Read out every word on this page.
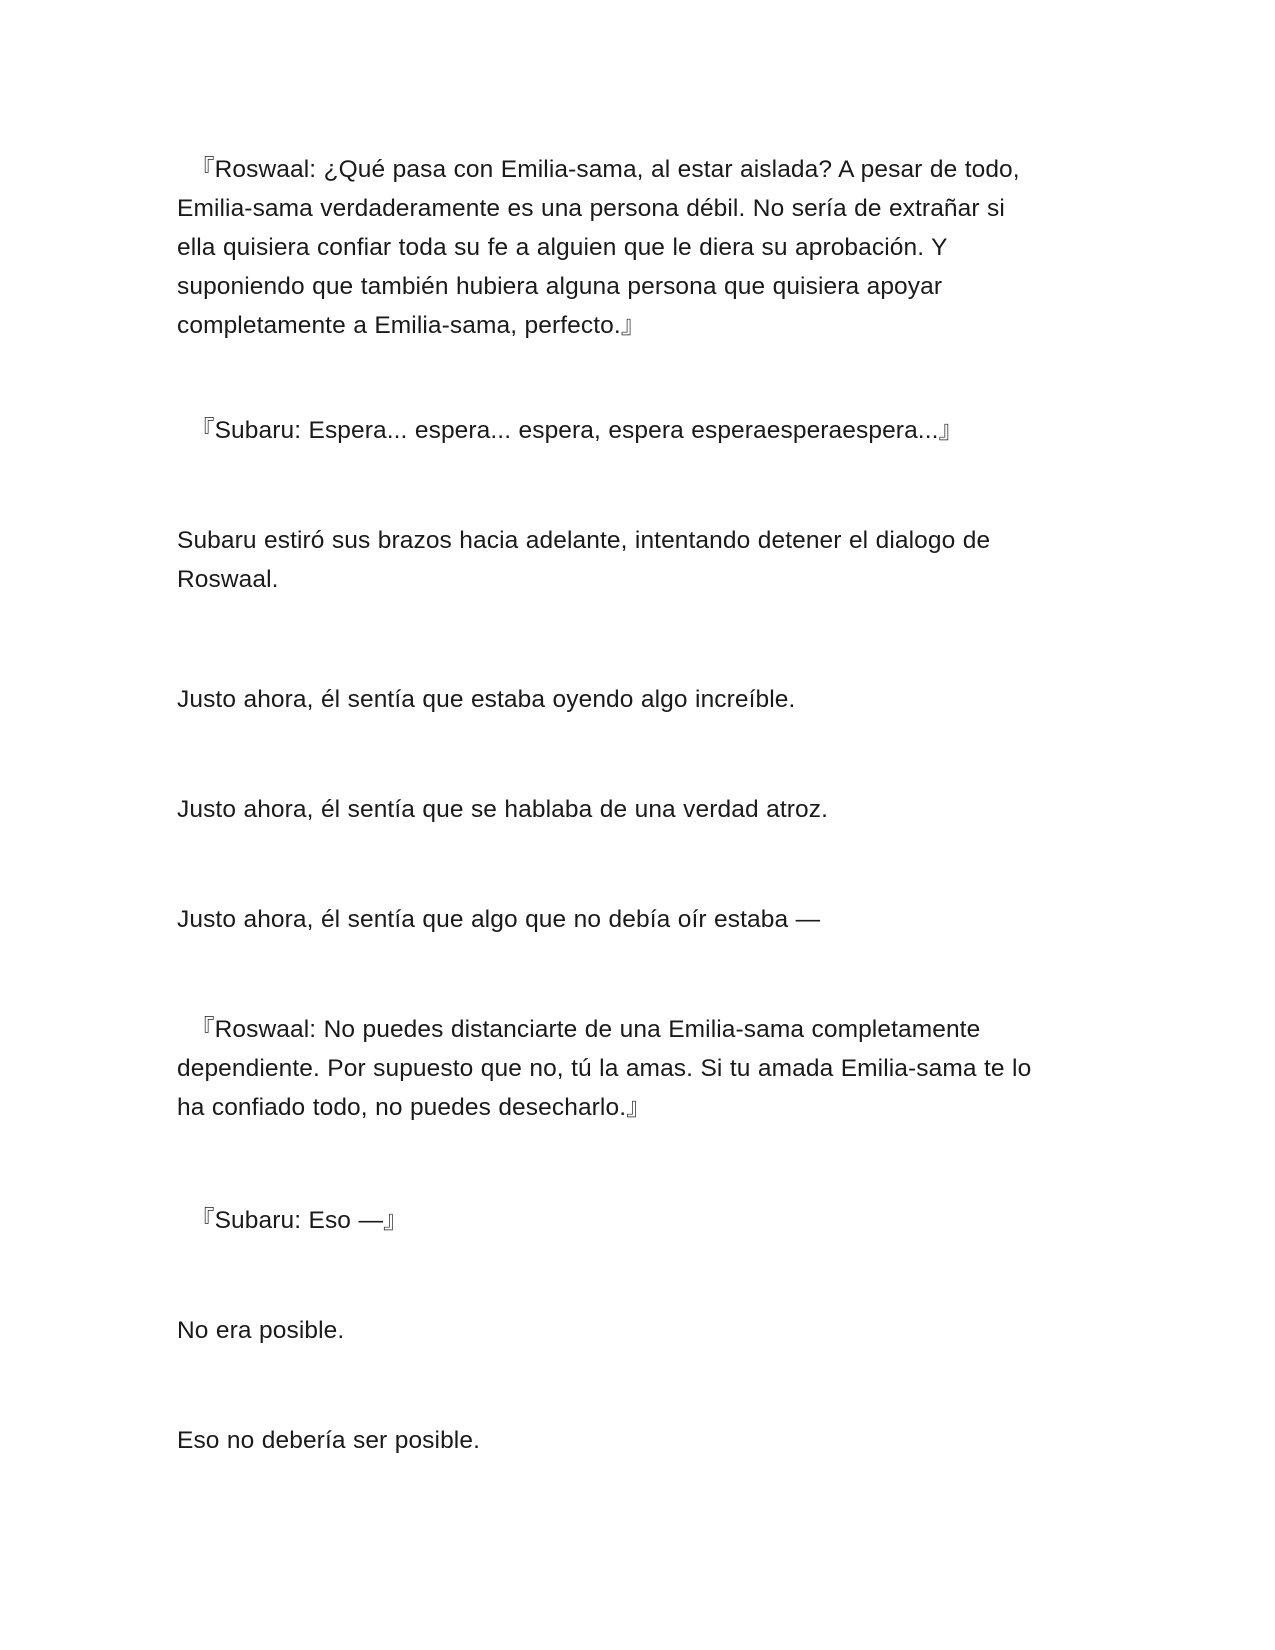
『Roswaal: ¿Qué pasa con Emilia-sama, al estar aislada? A pesar de todo,
Emilia-sama verdaderamente es una persona débil. No sería de extrañar si
ella quisiera confiar toda su fe a alguien que le diera su aprobación. Y
suponiendo que también hubiera alguna persona que quisiera apoyar
completamente a Emilia-sama, perfecto.』

『Subaru: Espera... espera... espera, espera esperaesperaespera...』

Subaru estiró sus brazos hacia adelante, intentando detener el dialogo de
Roswaal.

Justo ahora, él sentía que estaba oyendo algo increíble.

Justo ahora, él sentía que se hablaba de una verdad atroz.

Justo ahora, él sentía que algo que no debía oír estaba —

『Roswaal: No puedes distanciarte de una Emilia-sama completamente
dependiente. Por supuesto que no, tú la amas. Si tu amada Emilia-sama te lo
ha confiado todo, no puedes desecharlo.』

『Subaru: Eso —』

No era posible.

Eso no debería ser posible.
